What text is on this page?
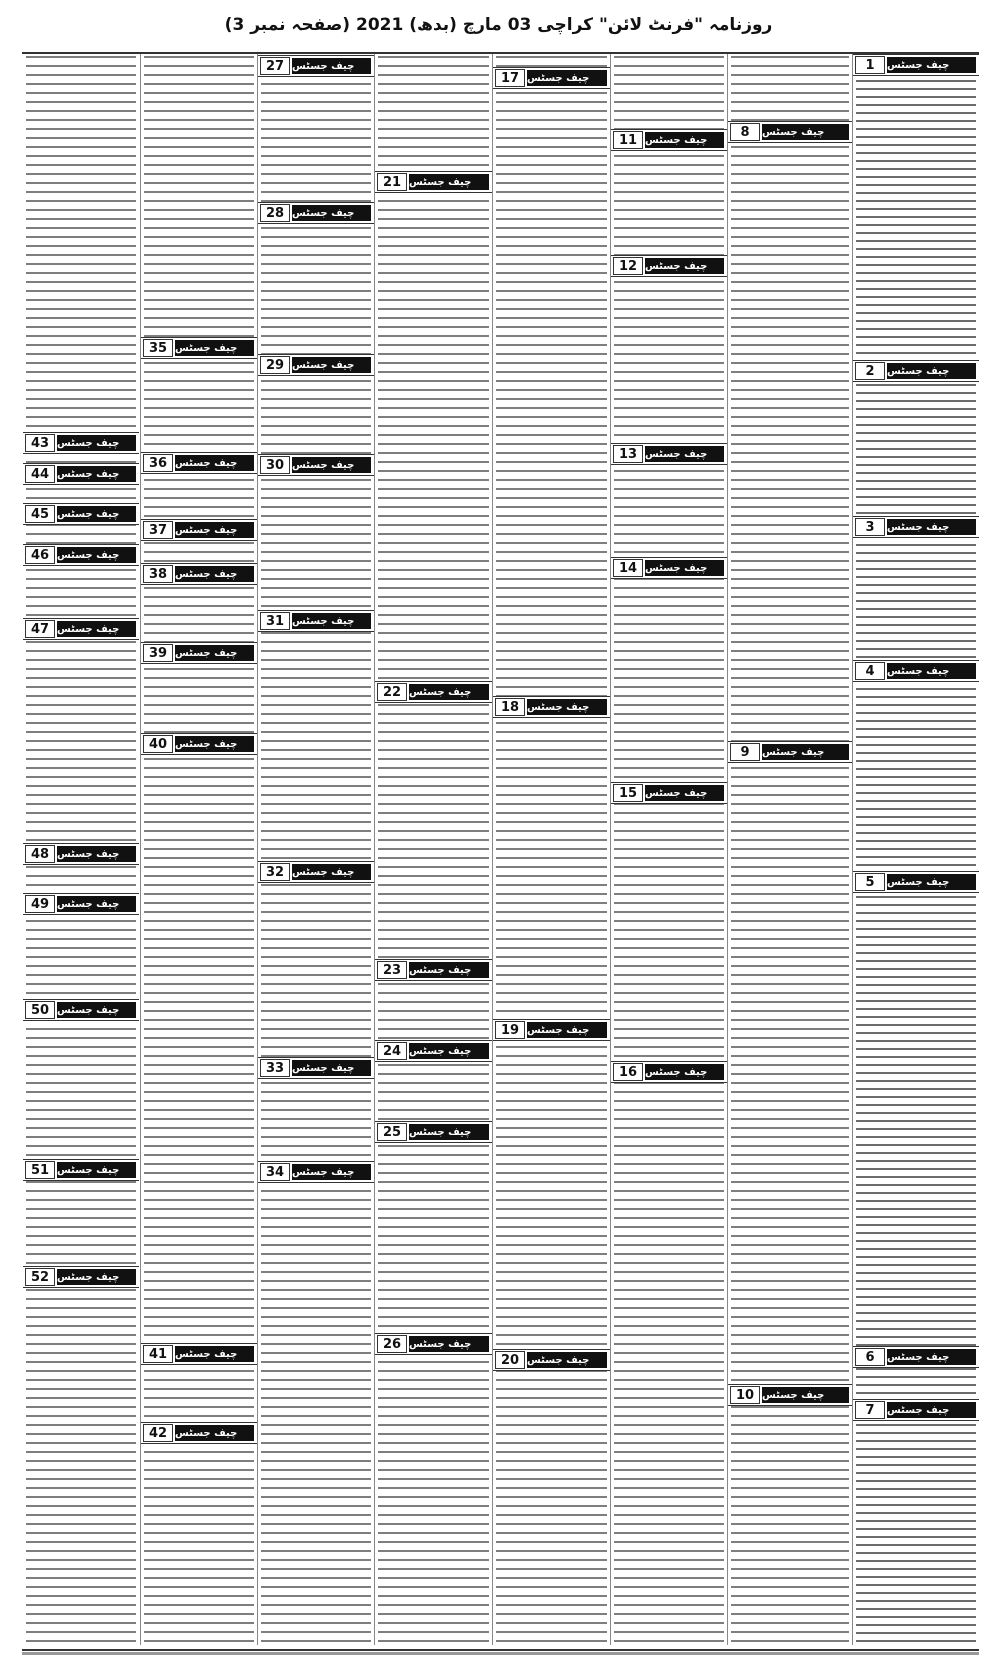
روزنامہ "فرنٹ لائن" کراچی 03 مارچ (بدھ) 2021 (صفحہ نمبر 3)
43 چیف جسٹس
44 چیف جسٹس
45 چیف جسٹس
46 چیف جسٹس
47 چیف جسٹس
48 چیف جسٹس
49 چیف جسٹس
50 چیف جسٹس
51 چیف جسٹس
52 چیف جسٹس
35 چیف جسٹس
36 چیف جسٹس
37 چیف جسٹس
38 چیف جسٹس
39 چیف جسٹس
40 چیف جسٹس
41 چیف جسٹس
42 چیف جسٹس
27 چیف جسٹس
28 چیف جسٹس
29 چیف جسٹس
30 چیف جسٹس
31 چیف جسٹس
32 چیف جسٹس
33 چیف جسٹس
34 چیف جسٹس
21 چیف جسٹس
22 چیف جسٹس
23 چیف جسٹس
24 چیف جسٹس
25 چیف جسٹس
26 چیف جسٹس
17 چیف جسٹس
18 چیف جسٹس
19 چیف جسٹس
20 چیف جسٹس
11 چیف جسٹس
12 چیف جسٹس
13 چیف جسٹس
14 چیف جسٹس
15 چیف جسٹس
16 چیف جسٹس
8	چیف جسٹس
9	چیف جسٹس
10 چیف جسٹس
1	چیف جسٹس
2	چیف جسٹس
3	چیف جسٹس
4	چیف جسٹس
5	چیف جسٹس
6	چیف جسٹس
7	چیف جسٹس
